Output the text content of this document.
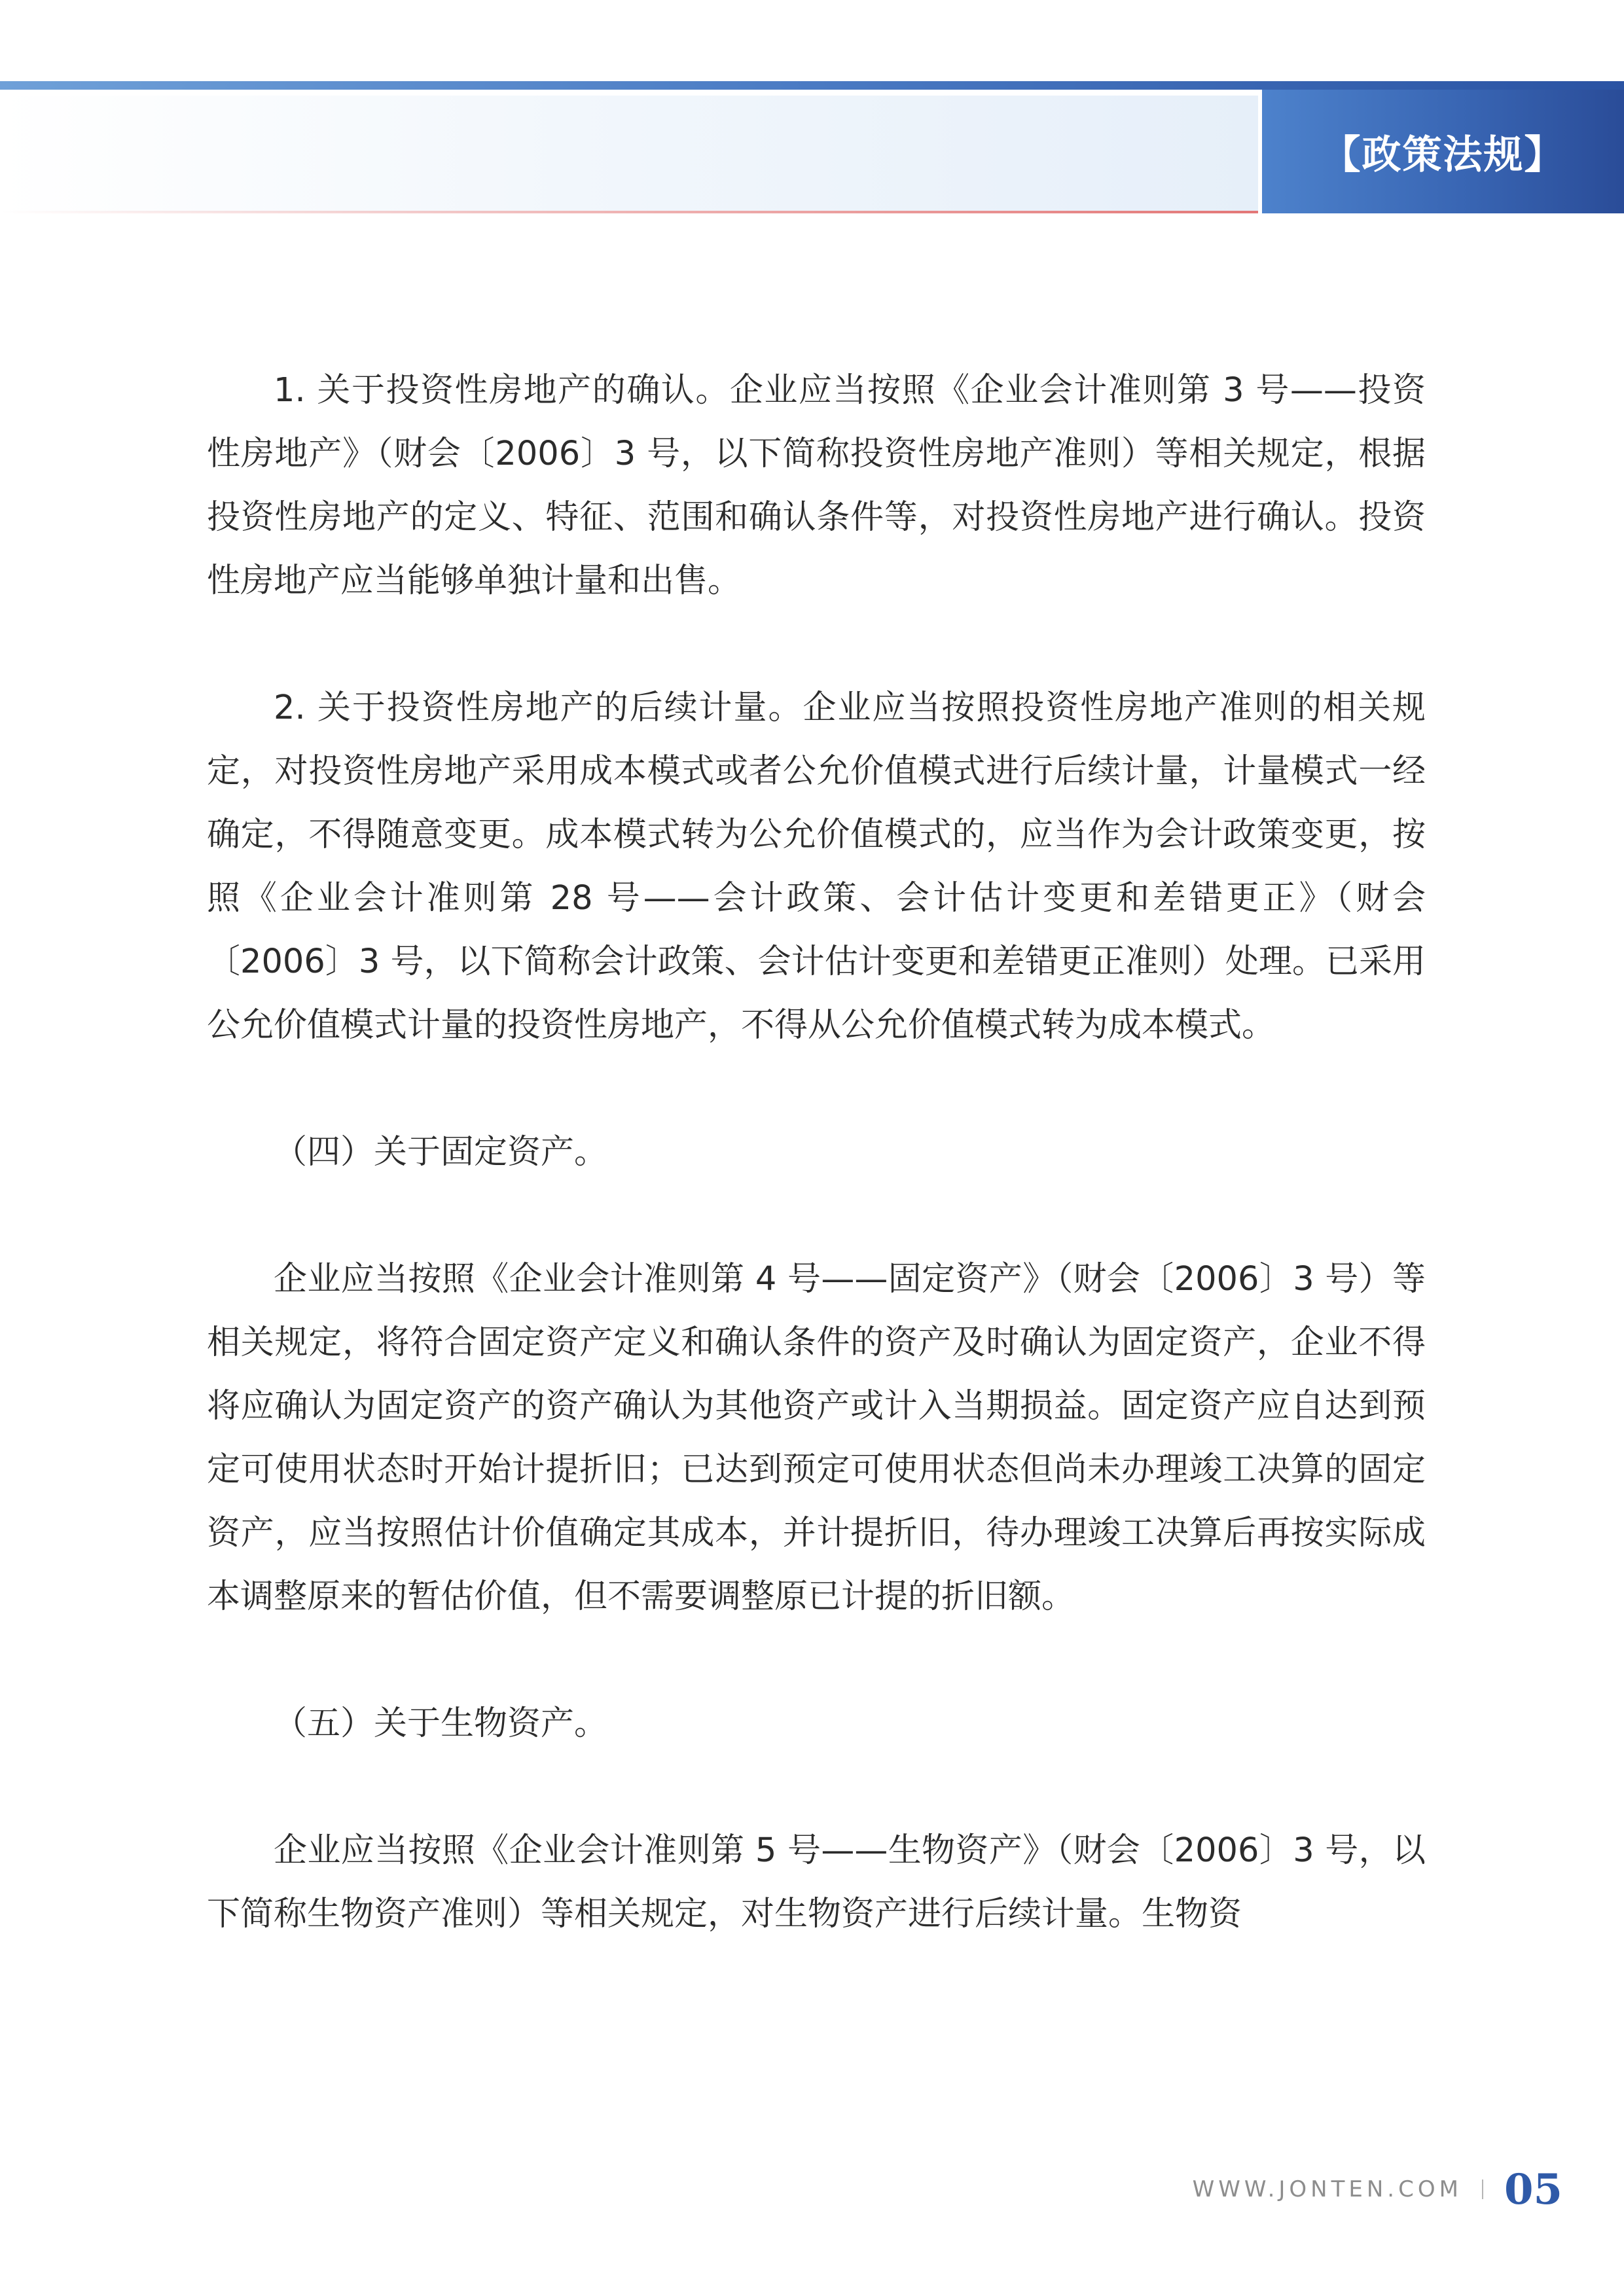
【政策法规】

1. 关于投资性房地产的确认。企业应当按照《企业会计准则第 3 号——投资性房地产》（财会〔2006〕3 号，以下简称投资性房地产准则）等相关规定，根据投资性房地产的定义、特征、范围和确认条件等，对投资性房地产进行确认。投资性房地产应当能够单独计量和出售。

2. 关于投资性房地产的后续计量。企业应当按照投资性房地产准则的相关规定，对投资性房地产采用成本模式或者公允价值模式进行后续计量，计量模式一经确定，不得随意变更。成本模式转为公允价值模式的，应当作为会计政策变更，按照《企业会计准则第 28 号——会计政策、会计估计变更和差错更正》（财会〔2006〕3 号，以下简称会计政策、会计估计变更和差错更正准则）处理。已采用公允价值模式计量的投资性房地产，不得从公允价值模式转为成本模式。

（四）关于固定资产。

企业应当按照《企业会计准则第 4 号——固定资产》（财会〔2006〕3 号）等相关规定，将符合固定资产定义和确认条件的资产及时确认为固定资产，企业不得将应确认为固定资产的资产确认为其他资产或计入当期损益。固定资产应自达到预定可使用状态时开始计提折旧；已达到预定可使用状态但尚未办理竣工决算的固定资产，应当按照估计价值确定其成本，并计提折旧，待办理竣工决算后再按实际成本调整原来的暂估价值，但不需要调整原已计提的折旧额。

（五）关于生物资产。

企业应当按照《企业会计准则第 5 号——生物资产》（财会〔2006〕3 号，以下简称生物资产准则）等相关规定，对生物资产进行后续计量。生物资

WWW.JONTEN.COM 05
